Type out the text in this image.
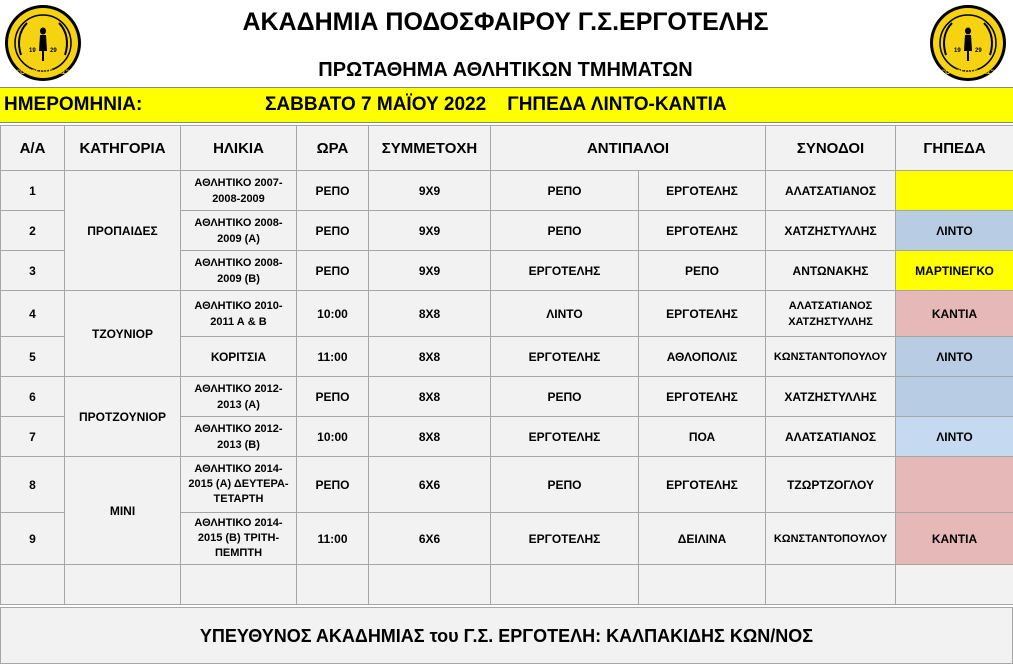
19 29
"Ο ΕΡΓΟΤΕΛΗΣ"
19 29
"Ο ΕΡΓΟΤΕΛΗΣ"
ΑΚΑΔΗΜΙΑ ΠΟΔΟΣΦΑΙΡΟΥ Γ.Σ.ΕΡΓΟΤΕΛΗΣ
ΠΡΩΤΑΘΗΜΑ ΑΘΛΗΤΙΚΩΝ ΤΜΗΜΑΤΩΝ
ΗΜΕΡΟΜΗΝΙΑ:	ΣΑΒΒΑΤΟ 7 ΜΑΪΟΥ 2022    ΓΗΠΕΔΑ ΛΙΝΤΟ-ΚΑΝΤΙΑ
Α/Α	ΚΑΤΗΓΟΡΙΑ	ΗΛΙΚΙΑ	ΩΡΑ	ΣΥΜΜΕΤΟΧΗ	ΑΝΤΙΠΑΛΟΙ		ΣΥΝΟΔΟΙ	ΓΗΠΕΔΑ
1	ΠΡΟΠΑΙΔΕΣ	ΑΘΛΗΤΙΚΟ 2007-2008-2009	ΡΕΠΟ	9Χ9	ΡΕΠΟ	ΕΡΓΟΤΕΛΗΣ	ΑΛΑΤΣΑΤΙΑΝΟΣ	
2		ΑΘΛΗΤΙΚΟ 2008-2009 (Α)	ΡΕΠΟ	9Χ9	ΡΕΠΟ	ΕΡΓΟΤΕΛΗΣ	ΧΑΤΖΗΣΤΥΛΛΗΣ	ΛΙΝΤΟ
3		ΑΘΛΗΤΙΚΟ 2008-2009 (Β)	ΡΕΠΟ	9Χ9	ΕΡΓΟΤΕΛΗΣ	ΡΕΠΟ	ΑΝΤΩΝΑΚΗΣ	ΜΑΡΤΙΝΕΓΚΟ
4	ΤΖΟΥΝΙΟΡ	ΑΘΛΗΤΙΚΟ 2010-2011 Α & Β	10:00	8Χ8	ΛΙΝΤΟ	ΕΡΓΟΤΕΛΗΣ	ΑΛΑΤΣΑΤΙΑΝΟΣ ΧΑΤΖΗΣΤΥΛΛΗΣ	ΚΑΝΤΙΑ
5		ΚΟΡΙΤΣΙΑ	11:00	8Χ8	ΕΡΓΟΤΕΛΗΣ	ΑΘΛΟΠΟΛΙΣ	ΚΩΝΣΤΑΝΤΟΠΟΥΛΟΥ	ΛΙΝΤΟ
6	ΠΡΟΤΖΟΥΝΙΟΡ	ΑΘΛΗΤΙΚΟ 2012-2013 (Α)	ΡΕΠΟ	8Χ8	ΡΕΠΟ	ΕΡΓΟΤΕΛΗΣ	ΧΑΤΖΗΣΤΥΛΛΗΣ	
7		ΑΘΛΗΤΙΚΟ 2012-2013 (Β)	10:00	8Χ8	ΕΡΓΟΤΕΛΗΣ	ΠΟΑ	ΑΛΑΤΣΑΤΙΑΝΟΣ	ΛΙΝΤΟ
8	ΜΙΝΙ	ΑΘΛΗΤΙΚΟ 2014-2015 (Α) ΔΕΥΤΕΡΑ-ΤΕΤΑΡΤΗ	ΡΕΠΟ	6Χ6	ΡΕΠΟ	ΕΡΓΟΤΕΛΗΣ	ΤΖΩΡΤΖΟΓΛΟΥ	
9		ΑΘΛΗΤΙΚΟ 2014-2015 (Β) ΤΡΙΤΗ-ΠΕΜΠΤΗ	11:00	6Χ6	ΕΡΓΟΤΕΛΗΣ	ΔΕΙΛΙΝΑ	ΚΩΝΣΤΑΝΤΟΠΟΥΛΟΥ	ΚΑΝΤΙΑ

ΥΠΕΥΘΥΝΟΣ ΑΚΑΔΗΜΙΑΣ του Γ.Σ. ΕΡΓΟΤΕΛΗ: ΚΑΛΠΑΚΙΔΗΣ ΚΩΝ/ΝΟΣ
